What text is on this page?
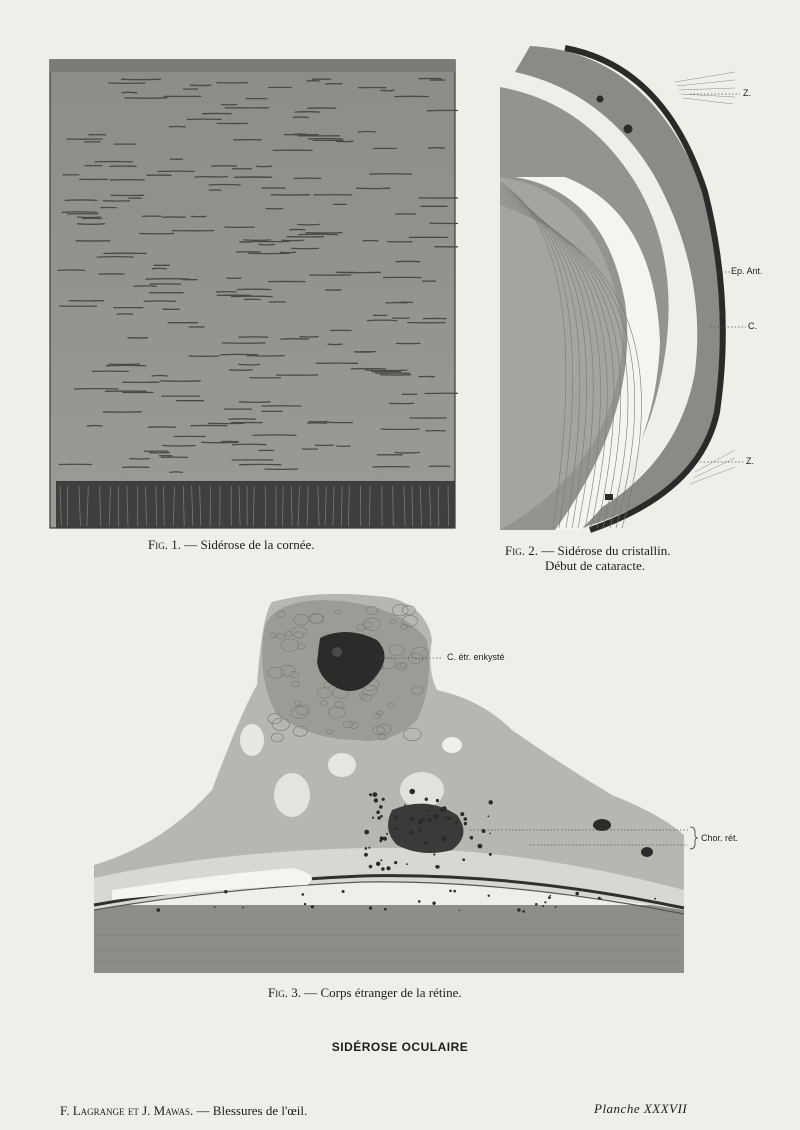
Fig. 1. — Sidérose de la cornée.
Z.
Ep. Ant.
C.
Z.
Fig. 2. — Sidérose du cristallin.
Début de cataracte.
C. étr. enkysté
Chor. rét.
Fig. 3. — Corps étranger de la rétine.
SIDÉROSE OCULAIRE
F. Lagrange et J. Mawas. — Blessures de l'œil.	Planche XXXVII
